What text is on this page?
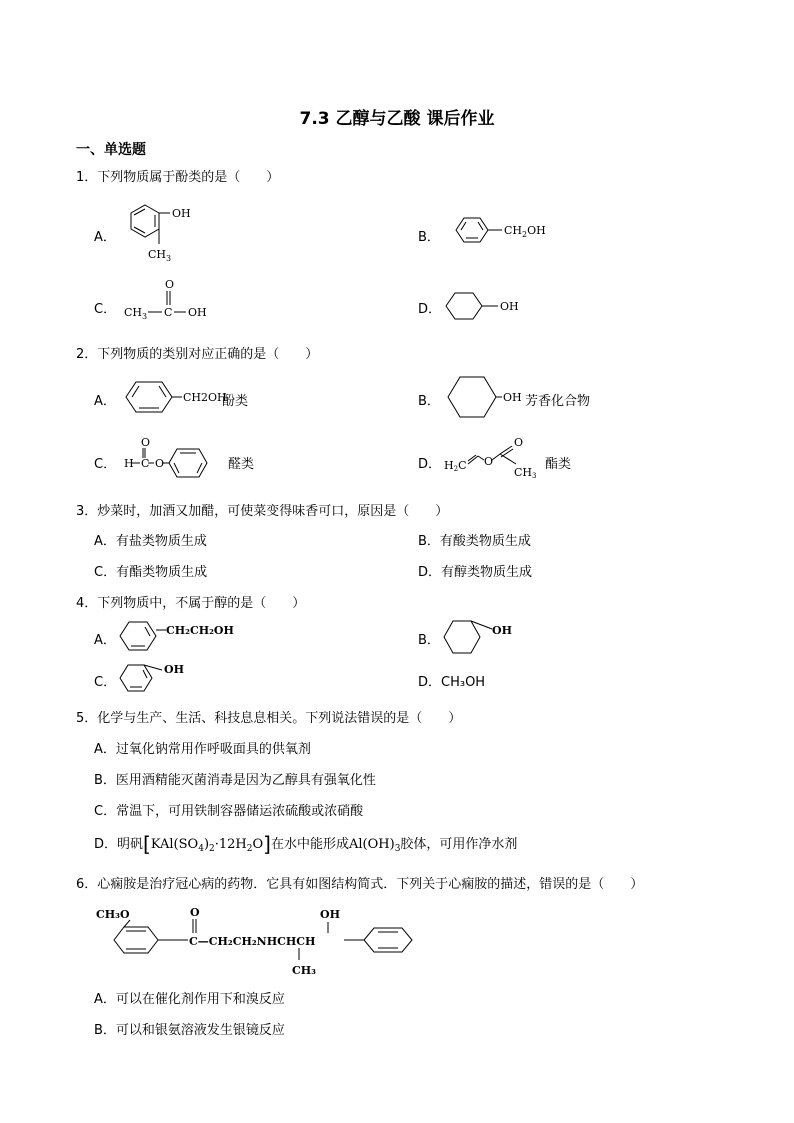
7.3 乙醇与乙酸 课后作业
一、单选题
1．下列物质属于酚类的是（　　）
A．
OH
$CH_3$
B．	$CH_2OH$
C．
O
$CH_3$ C OH	D．	OH
2．下列物质的类别对应正确的是（　　）
A．	CH2OH
酚类	B．	OH 芳香化合物
C．
O
H C O	醛类	D． H2C O
O
CH3
酯类
3．炒菜时，加酒又加醋，可使菜变得味香可口，原因是（　　）
A．有盐类物质生成	B．有酸类物质生成
C．有酯类物质生成	D．有醇类物质生成
4．下列物质中，不属于醇的是（　　）
A．
CH₂CH₂OH
B．
OH
C．
OH
D．CH₃OH
5．化学与生产、生活、科技息息相关。下列说法错误的是（　　）
A．过氧化钠常用作呼吸面具的供氧剂
B．医用酒精能灭菌消毒是因为乙醇具有强氧化性
C．常温下，可用铁制容器储运浓硫酸或浓硝酸
D．明矾$[KAl(SO_4)_2\cdot 12H_2O]$在水中能形成$Al(OH)_3$胶体，可用作净水剂
6．心痫胺是治疗冠心病的药物．它具有如图结构简式．下列关于心痫胺的描述，错误的是（　　）
CH₃O	O
C—CH₂CH₂NHCHCH
OH
CH₃
A．可以在催化剂作用下和溴反应
B．可以和银氨溶液发生银镜反应
